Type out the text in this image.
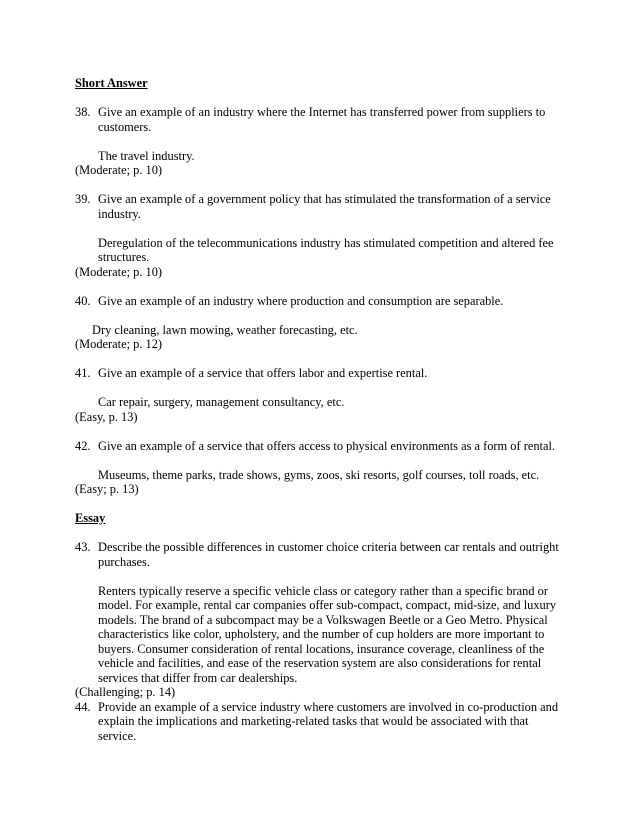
Short Answer
38. Give an example of an industry where the Internet has transferred power from suppliers to customers.

The travel industry.

(Moderate; p. 10)

39. Give an example of a government policy that has stimulated the transformation of a service industry.

Deregulation of the telecommunications industry has stimulated competition and altered fee structures.

(Moderate; p. 10)

40. Give an example of an industry where production and consumption are separable.

Dry cleaning, lawn mowing, weather forecasting, etc.

(Moderate; p. 12)

41. Give an example of a service that offers labor and expertise rental.

Car repair, surgery, management consultancy, etc.

(Easy, p. 13)

42. Give an example of a service that offers access to physical environments as a form of rental.

Museums, theme parks, trade shows, gyms, zoos, ski resorts, golf courses, toll roads, etc.

(Easy; p. 13)

Essay
43. Describe the possible differences in customer choice criteria between car rentals and outright purchases.

Renters typically reserve a specific vehicle class or category rather than a specific brand or model. For example, rental car companies offer sub-compact, compact, mid-size, and luxury models. The brand of a subcompact may be a Volkswagen Beetle or a Geo Metro. Physical characteristics like color, upholstery, and the number of cup holders are more important to buyers. Consumer consideration of rental locations, insurance coverage, cleanliness of the vehicle and facilities, and ease of the reservation system are also considerations for rental services that differ from car dealerships.

(Challenging; p. 14)

44. Provide an example of a service industry where customers are involved in co-production and explain the implications and marketing-related tasks that would be associated with that service.
